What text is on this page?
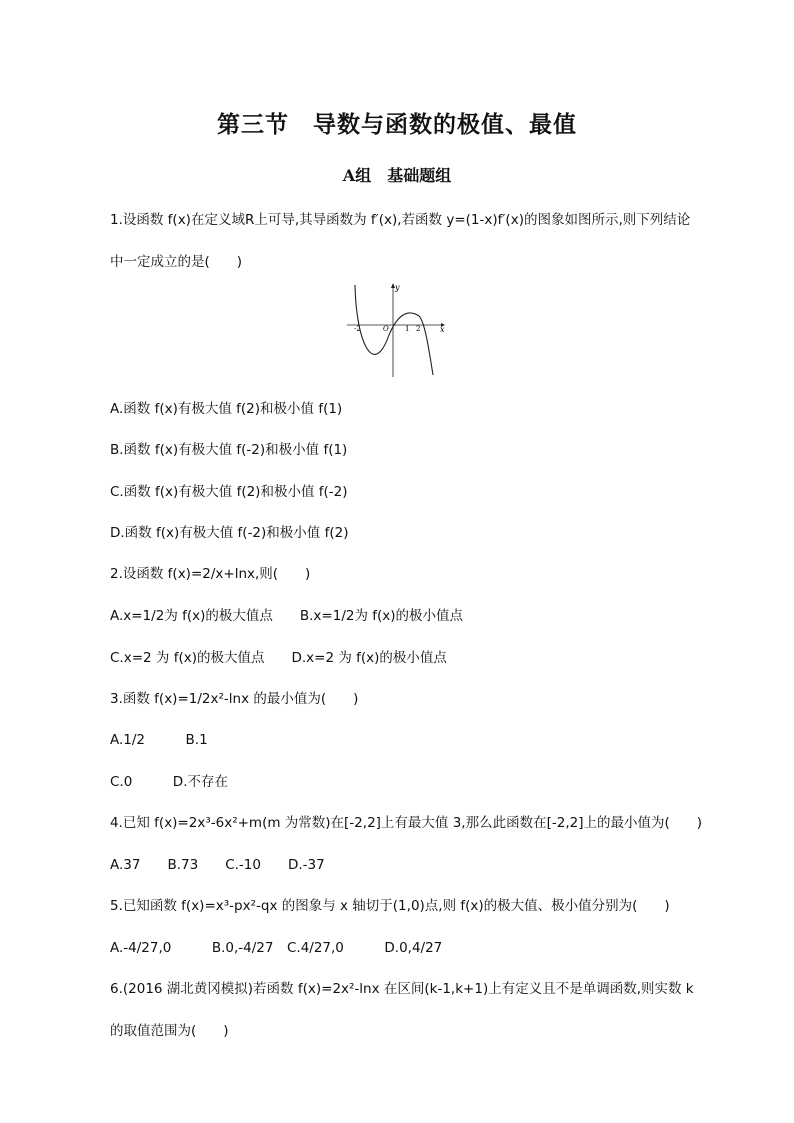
第三节　导数与函数的极值、最值
A组　基础题组
1.设函数 f(x)在定义域R上可导,其导函数为 f′(x),若函数 y=(1-x)f′(x)的图象如图所示,则下列结论
中一定成立的是(　　)
y
x
-2	O 1 2
A.函数 f(x)有极大值 f(2)和极小值 f(1)
B.函数 f(x)有极大值 f(-2)和极小值 f(1)
C.函数 f(x)有极大值 f(2)和极小值 f(-2)
D.函数 f(x)有极大值 f(-2)和极小值 f(2)
2.设函数 f(x)=2/x+lnx,则(　　)
A.x=1/2为 f(x)的极大值点　　B.x=1/2为 f(x)的极小值点
C.x=2 为 f(x)的极大值点　　D.x=2 为 f(x)的极小值点
3.函数 f(x)=1/2x²-lnx 的最小值为(　　)
A.1/2　　　B.1
C.0　　　D.不存在
4.已知 f(x)=2x³-6x²+m(m 为常数)在[-2,2]上有最大值 3,那么此函数在[-2,2]上的最小值为(　　)
A.37　　B.73　　C.-10　　D.-37
5.已知函数 f(x)=x³-px²-qx 的图象与 x 轴切于(1,0)点,则 f(x)的极大值、极小值分别为(　　)
A.-4/27,0　　　B.0,-4/27　C.4/27,0　　　D.0,4/27
6.(2016 湖北黄冈模拟)若函数 f(x)=2x²-lnx 在区间(k-1,k+1)上有定义且不是单调函数,则实数 k
的取值范围为(　　)
